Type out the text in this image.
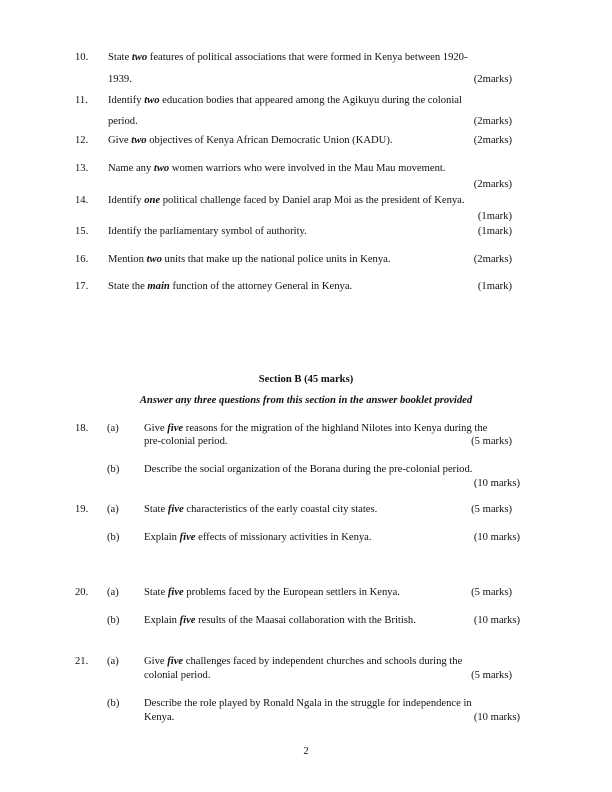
Section B (45 marks)
Answer any three questions from this section in the answer booklet provided
2
10. State two features of political associations that were formed in Kenya between 1920-
1939.	(2marks)
11. Identify two education bodies that appeared among the Agikuyu during the colonial
period.	(2marks)
12. Give two objectives of Kenya African Democratic Union (KADU).	(2marks)
13. Name any two women warriors who were involved in the Mau Mau movement.
(2marks)
14. Identify one political challenge faced by Daniel arap Moi as the president of Kenya.
(1mark)
15. Identify the parliamentary symbol of authority.	(1mark)
16. Mention two units that make up the national police units in Kenya.	(2marks)
17. State the main function of the attorney General in Kenya.	(1mark)
18. (a) Give five reasons for the migration of the highland Nilotes into Kenya during the
pre-colonial period.	(5 marks)
(b) Describe the social organization of the Borana during the pre-colonial period.
(10 marks)
19. (a) State five characteristics of the early coastal city states.	(5 marks)
(b) Explain five effects of missionary activities in Kenya.	(10 marks)
20. (a) State five problems faced by the European settlers in Kenya.	(5 marks)
(b) Explain five results of the Maasai collaboration with the British.	(10 marks)
21. (a) Give five challenges faced by independent churches and schools during the
colonial period.	(5 marks)
(b) Describe the role played by Ronald Ngala in the struggle for independence in
Kenya.	(10 marks)
